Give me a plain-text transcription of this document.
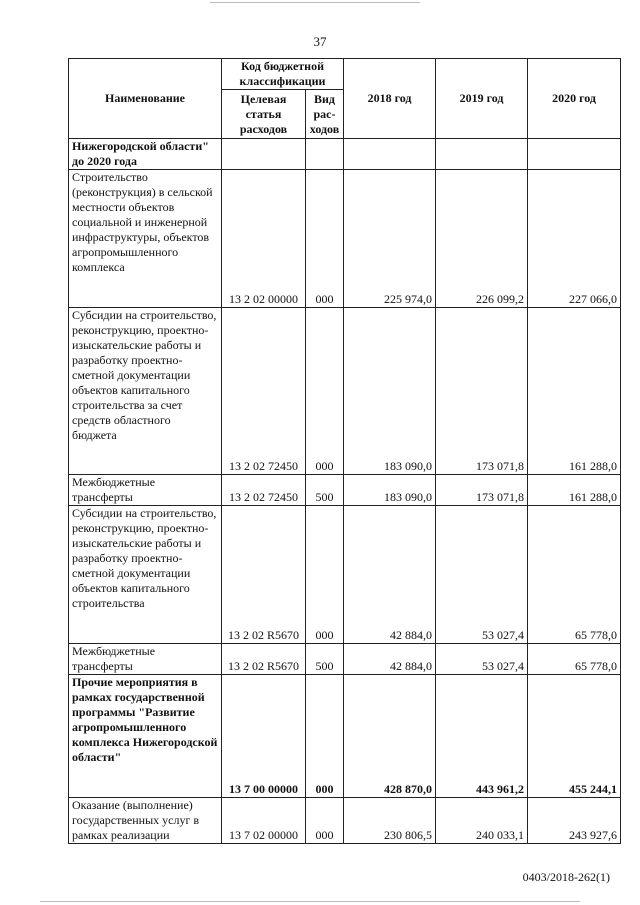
37
Наименование	Код бюджетной классификации		2018 год	2019 год	2020 год
	Целевая статья расходов	Вид рас-ходов			
Нижегородской области" до 2020 года					
Строительство (реконструкция) в сельской местности объектов социальной и инженерной инфраструктуры, объектов агропромышленного комплекса	13 2 02 00000	000	225 974,0	226 099,2	227 066,0
Субсидии на строительство, реконструкцию, проектно-изыскательские работы и разработку проектно-сметной документации объектов капитального строительства за счет средств областного бюджета	13 2 02 72450	000	183 090,0	173 071,8	161 288,0
Межбюджетные трансферты	13 2 02 72450	500	183 090,0	173 071,8	161 288,0
Субсидии на строительство, реконструкцию, проектно-изыскательские работы и разработку проектно-сметной документации объектов капитального строительства	13 2 02 R5670	000	42 884,0	53 027,4	65 778,0
Межбюджетные трансферты	13 2 02 R5670	500	42 884,0	53 027,4	65 778,0
Прочие мероприятия в рамках государственной программы "Развитие агропромышленного комплекса Нижегородской области"	13 7 00 00000	000	428 870,0	443 961,2	455 244,1
Оказание (выполнение) государственных услуг в рамках реализации	13 7 02 00000	000	230 806,5	240 033,1	243 927,6
0403/2018-262(1)
